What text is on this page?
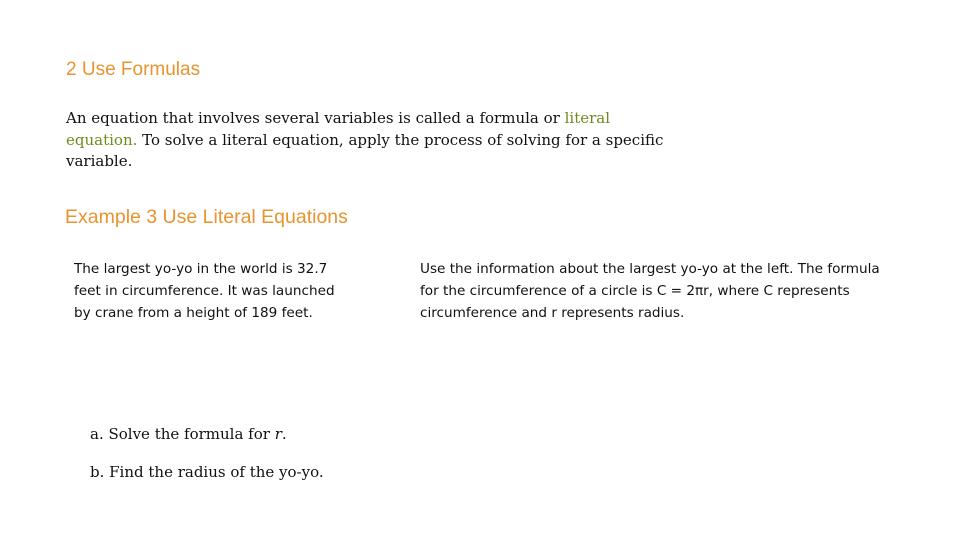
2 Use Formulas

An equation that involves several variables is called a formula or literal equation. To solve a literal equation, apply the process of solving for a specific variable.

Example 3 Use Literal Equations

The largest yo-yo in the world is 32.7 feet in circumference. It was launched by crane from a height of 189 feet.

Use the information about the largest yo-yo at the left. The formula for the circumference of a circle is C = 2πr, where C represents circumference and r represents radius.

a. Solve the formula for r.

b. Find the radius of the yo-yo.
